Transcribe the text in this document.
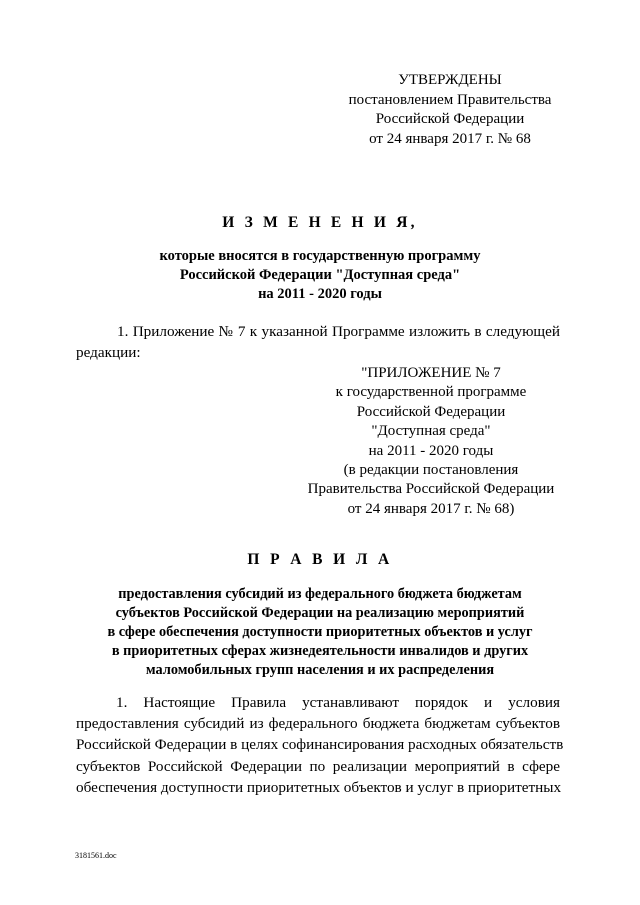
УТВЕРЖДЕНЫ
постановлением Правительства
Российской Федерации
от 24 января 2017 г. № 68
И З М Е Н Е Н И Я,
которые вносятся в государственную программу
Российской Федерации "Доступная среда"
на 2011 - 2020 годы
1. Приложение № 7 к указанной Программе изложить в следующей
редакции:
"ПРИЛОЖЕНИЕ № 7
к государственной программе
Российской Федерации
"Доступная среда"
на 2011 - 2020 годы
(в редакции постановления
Правительства Российской Федерации
от 24 января 2017 г. № 68)
П Р А В И Л А
предоставления субсидий из федерального бюджета бюджетам
субъектов Российской Федерации на реализацию мероприятий
в сфере обеспечения доступности приоритетных объектов и услуг
в приоритетных сферах жизнедеятельности инвалидов и других
маломобильных групп населения и их распределения
1. Настоящие Правила устанавливают порядок и условия
предоставления субсидий из федерального бюджета бюджетам субъектов
Российской Федерации в целях софинансирования расходных обязательств
субъектов Российской Федерации по реализации мероприятий в сфере
обеспечения доступности приоритетных объектов и услуг в приоритетных
3181561.doc
